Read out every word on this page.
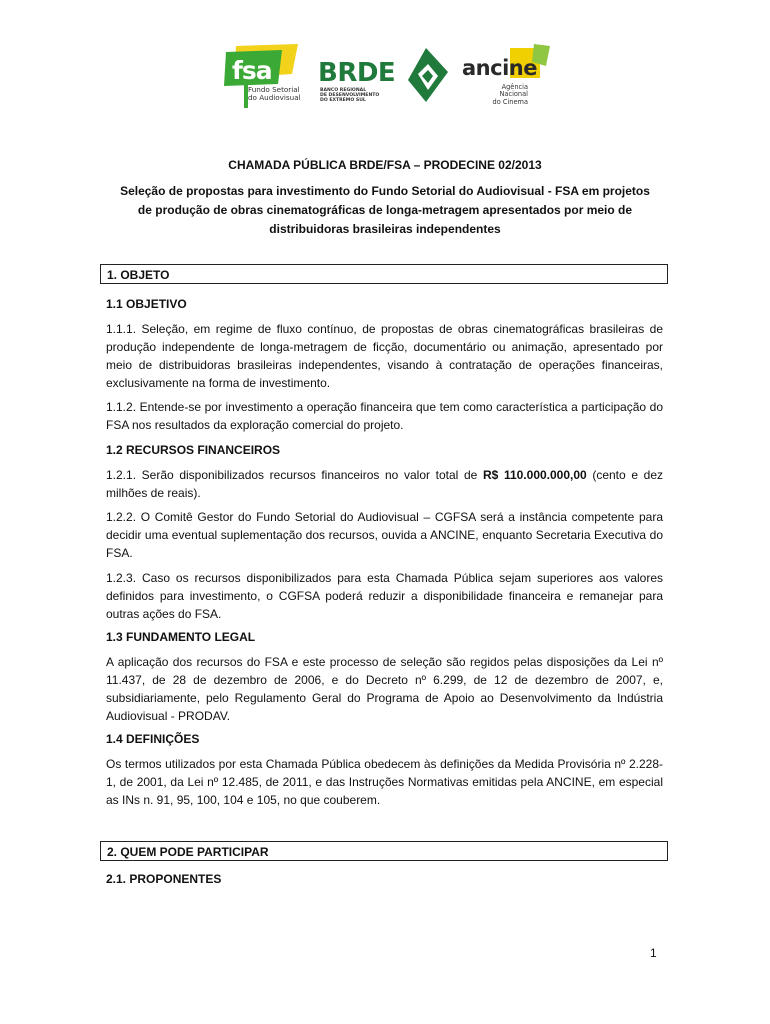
fsa
Fundo Setorial
do Audiovisual
BRDE
BANCO REGIONAL
DE DESENVOLVIMENTO
DO EXTREMO SUL
ancine
Agência Nacional
do Cinema
CHAMADA PÚBLICA BRDE/FSA – PRODECINE 02/2013
Seleção de propostas para investimento do Fundo Setorial do Audiovisual - FSA em projetos de produção de obras cinematográficas de longa-metragem apresentados por meio de distribuidoras brasileiras independentes
1. OBJETO
1.1 OBJETIVO

1.1.1. Seleção, em regime de fluxo contínuo, de propostas de obras cinematográficas brasileiras de produção independente de longa-metragem de ficção, documentário ou animação, apresentado por meio de distribuidoras brasileiras independentes, visando à contratação de operações financeiras, exclusivamente na forma de investimento.

1.1.2. Entende-se por investimento a operação financeira que tem como característica a participação do FSA nos resultados da exploração comercial do projeto.

1.2 RECURSOS FINANCEIROS

1.2.1. Serão disponibilizados recursos financeiros no valor total de R$ 110.000.000,00 (cento e dez milhões de reais).

1.2.2. O Comitê Gestor do Fundo Setorial do Audiovisual – CGFSA será a instância competente para decidir uma eventual suplementação dos recursos, ouvida a ANCINE, enquanto Secretaria Executiva do FSA.

1.2.3. Caso os recursos disponibilizados para esta Chamada Pública sejam superiores aos valores definidos para investimento, o CGFSA poderá reduzir a disponibilidade financeira e remanejar para outras ações do FSA.

1.3 FUNDAMENTO LEGAL

A aplicação dos recursos do FSA e este processo de seleção são regidos pelas disposições da Lei nº 11.437, de 28 de dezembro de 2006, e do Decreto nº 6.299, de 12 de dezembro de 2007, e, subsidiariamente, pelo Regulamento Geral do Programa de Apoio ao Desenvolvimento da Indústria Audiovisual - PRODAV.

1.4 DEFINIÇÕES

Os termos utilizados por esta Chamada Pública obedecem às definições da Medida Provisória nº 2.228-1, de 2001, da Lei nº 12.485, de 2011, e das Instruções Normativas emitidas pela ANCINE, em especial as INs n. 91, 95, 100, 104 e 105, no que couberem.

2. QUEM PODE PARTICIPAR
2.1. PROPONENTES
1
